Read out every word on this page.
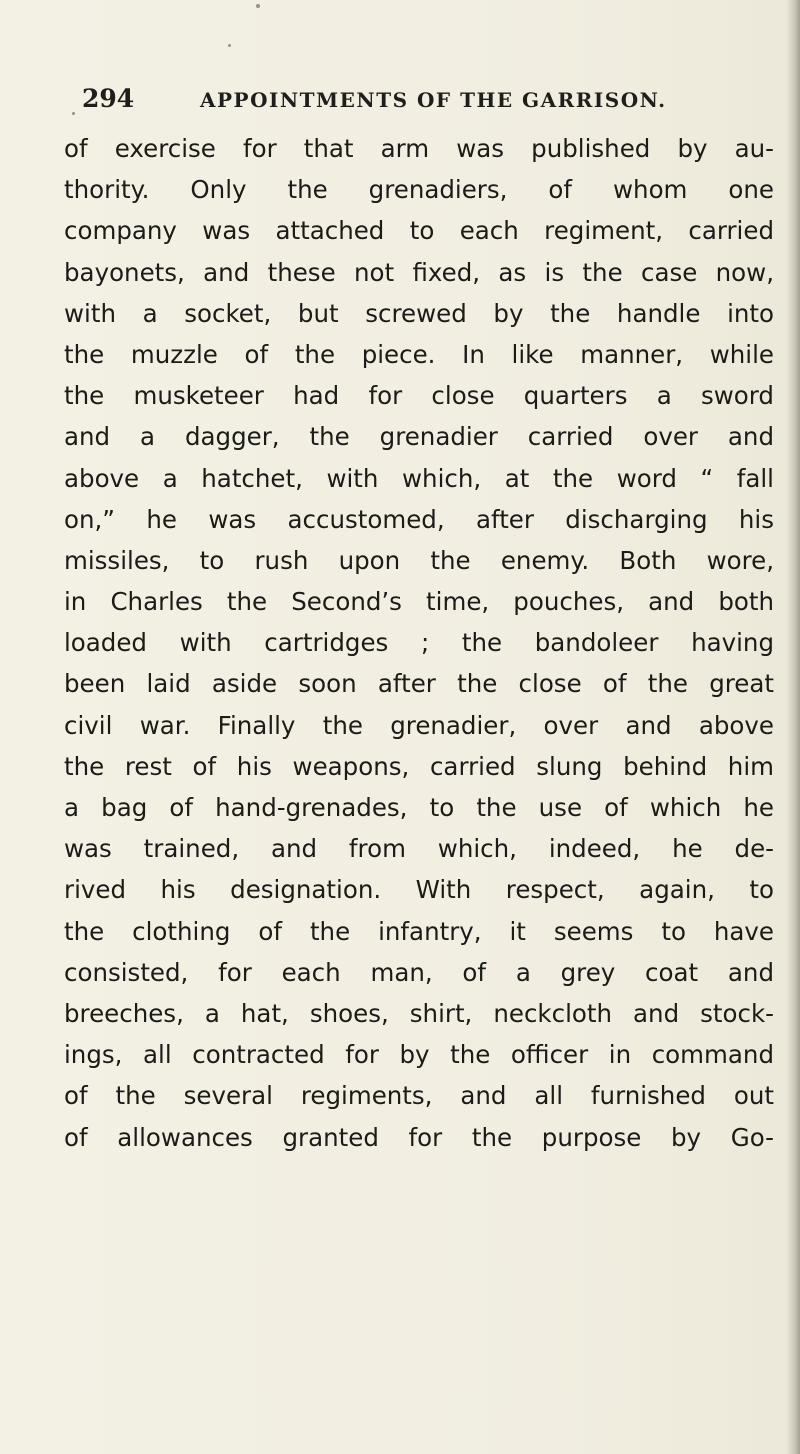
294	APPOINTMENTS OF THE GARRISON.
of exercise for that arm was published by au-
thority. Only the grenadiers, of whom one
company was attached to each regiment, carried
bayonets, and these not fixed, as is the case now,
with a socket, but screwed by the handle into
the muzzle of the piece. In like manner, while
the musketeer had for close quarters a sword
and a dagger, the grenadier carried over and
above a hatchet, with which, at the word “ fall
on,” he was accustomed, after discharging his
missiles, to rush upon the enemy. Both wore,
in Charles the Second’s time, pouches, and both
loaded with cartridges ; the bandoleer having
been laid aside soon after the close of the great
civil war. Finally the grenadier, over and above
the rest of his weapons, carried slung behind him
a bag of hand-grenades, to the use of which he
was trained, and from which, indeed, he de-
rived his designation. With respect, again, to
the clothing of the infantry, it seems to have
consisted, for each man, of a grey coat and
breeches, a hat, shoes, shirt, neckcloth and stock-
ings, all contracted for by the officer in command
of the several regiments, and all furnished out
of allowances granted for the purpose by Go-
